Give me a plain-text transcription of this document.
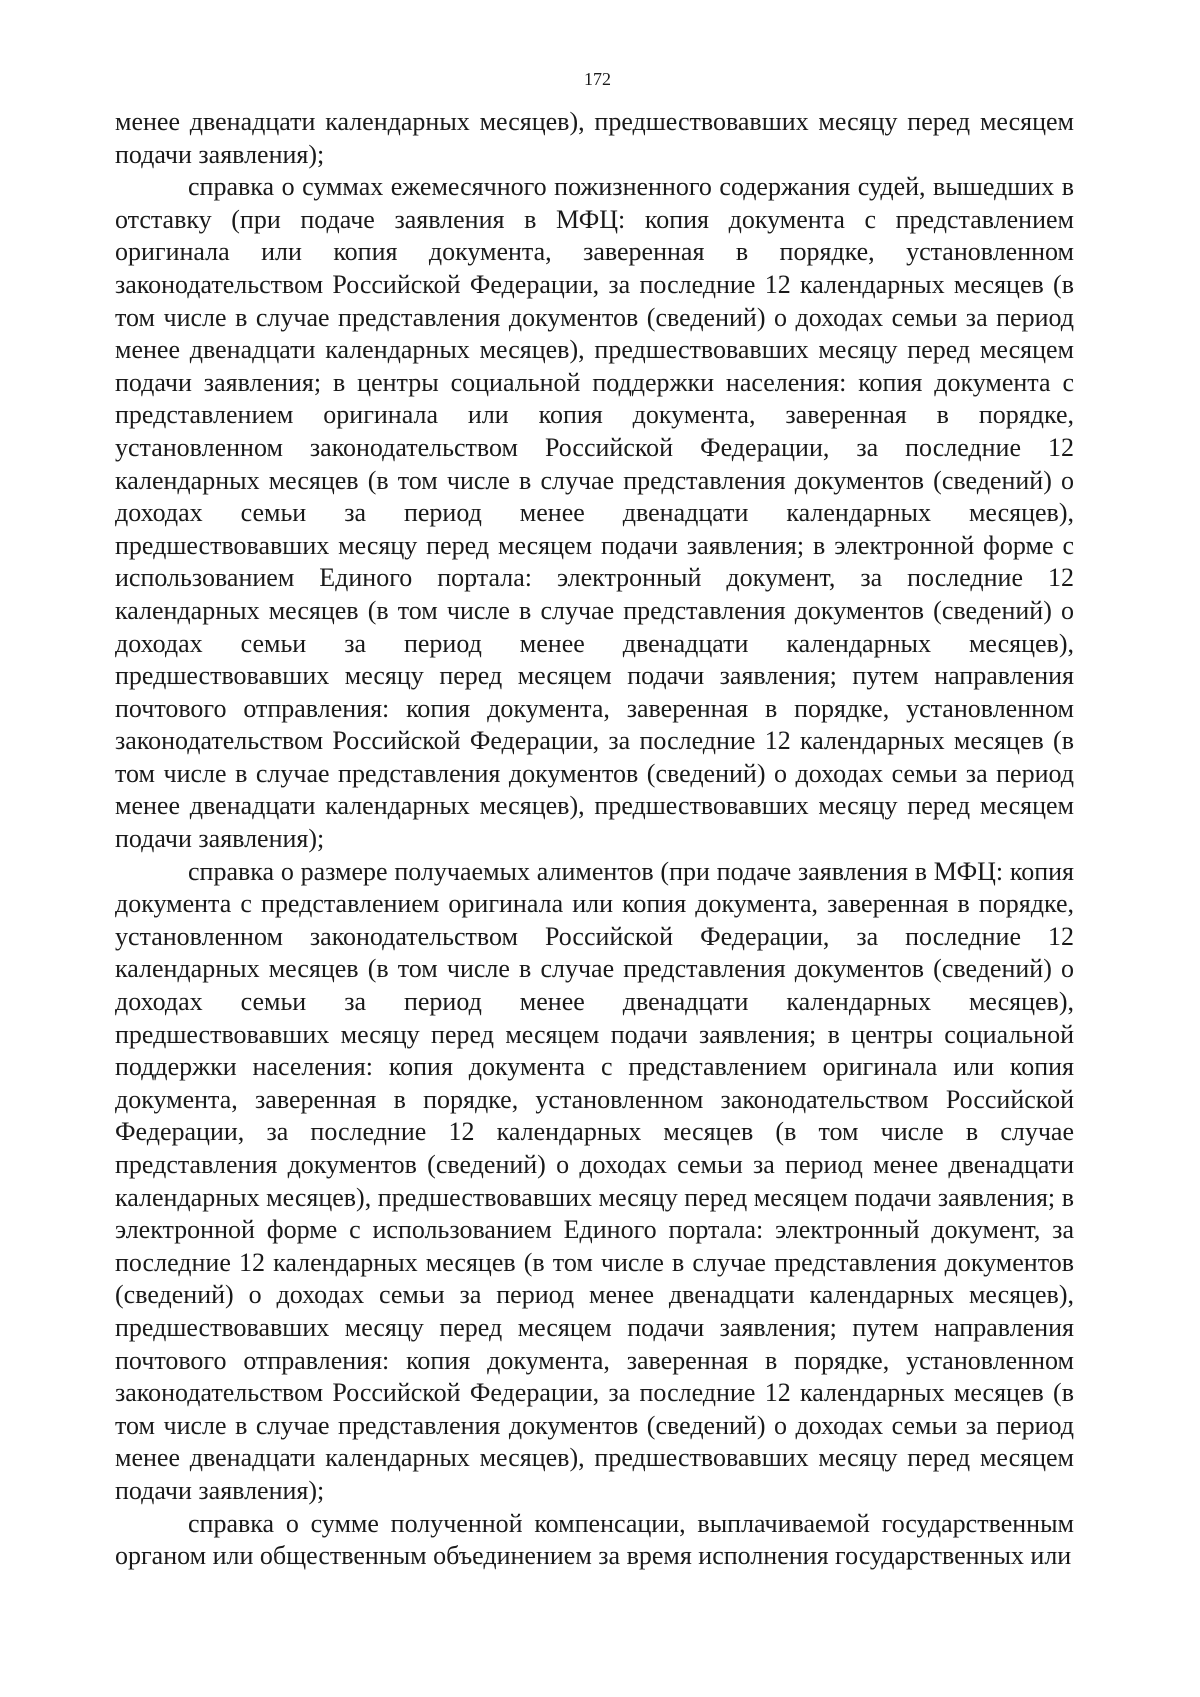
172

менее двенадцати календарных месяцев), предшествовавших месяцу перед месяцем подачи заявления);

справка о суммах ежемесячного пожизненного содержания судей, вышедших в отставку (при подаче заявления в МФЦ: копия документа с представлением оригинала или копия документа, заверенная в порядке, установленном законодательством Российской Федерации, за последние 12 календарных месяцев (в том числе в случае представления документов (сведений) о доходах семьи за период менее двенадцати календарных месяцев), предшествовавших месяцу перед месяцем подачи заявления; в центры социальной поддержки населения: копия документа с представлением оригинала или копия документа, заверенная в порядке, установленном законодательством Российской Федерации, за последние 12 календарных месяцев (в том числе в случае представления документов (сведений) о доходах семьи за период менее двенадцати календарных месяцев), предшествовавших месяцу перед месяцем подачи заявления; в электронной форме с использованием Единого портала: электронный документ, за последние 12 календарных месяцев (в том числе в случае представления документов (сведений) о доходах семьи за период менее двенадцати календарных месяцев), предшествовавших месяцу перед месяцем подачи заявления; путем направления почтового отправления: копия документа, заверенная в порядке, установленном законодательством Российской Федерации, за последние 12 календарных месяцев (в том числе в случае представления документов (сведений) о доходах семьи за период менее двенадцати календарных месяцев), предшествовавших месяцу перед месяцем подачи заявления);

справка о размере получаемых алиментов (при подаче заявления в МФЦ: копия документа с представлением оригинала или копия документа, заверенная в порядке, установленном законодательством Российской Федерации, за последние 12 календарных месяцев (в том числе в случае представления документов (сведений) о доходах семьи за период менее двенадцати календарных месяцев), предшествовавших месяцу перед месяцем подачи заявления; в центры социальной поддержки населения: копия документа с представлением оригинала или копия документа, заверенная в порядке, установленном законодательством Российской Федерации, за последние 12 календарных месяцев (в том числе в случае представления документов (сведений) о доходах семьи за период менее двенадцати календарных месяцев), предшествовавших месяцу перед месяцем подачи заявления; в электронной форме с использованием Единого портала: электронный документ, за последние 12 календарных месяцев (в том числе в случае представления документов (сведений) о доходах семьи за период менее двенадцати календарных месяцев), предшествовавших месяцу перед месяцем подачи заявления; путем направления почтового отправления: копия документа, заверенная в порядке, установленном законодательством Российской Федерации, за последние 12 календарных месяцев (в том числе в случае представления документов (сведений) о доходах семьи за период менее двенадцати календарных месяцев), предшествовавших месяцу перед месяцем подачи заявления);

справка о сумме полученной компенсации, выплачиваемой государственным органом или общественным объединением за время исполнения государственных или
